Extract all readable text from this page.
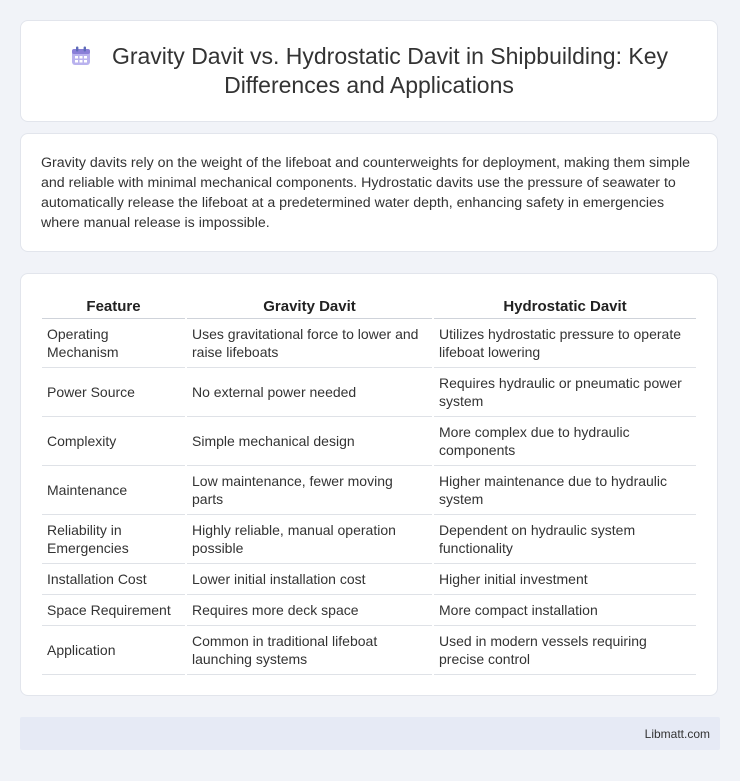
Gravity Davit vs. Hydrostatic Davit in Shipbuilding: Key Differences and Applications
Gravity davits rely on the weight of the lifeboat and counterweights for deployment, making them simple and reliable with minimal mechanical components. Hydrostatic davits use the pressure of seawater to automatically release the lifeboat at a predetermined water depth, enhancing safety in emergencies where manual release is impossible.
Feature	Gravity Davit	Hydrostatic Davit
Operating Mechanism	Uses gravitational force to lower and raise lifeboats	Utilizes hydrostatic pressure to operate lifeboat lowering
Power Source	No external power needed	Requires hydraulic or pneumatic power system
Complexity	Simple mechanical design	More complex due to hydraulic components
Maintenance	Low maintenance, fewer moving parts	Higher maintenance due to hydraulic system
Reliability in Emergencies	Highly reliable, manual operation possible	Dependent on hydraulic system functionality
Installation Cost	Lower initial installation cost	Higher initial investment
Space Requirement	Requires more deck space	More compact installation
Application	Common in traditional lifeboat launching systems	Used in modern vessels requiring precise control
Libmatt.com
